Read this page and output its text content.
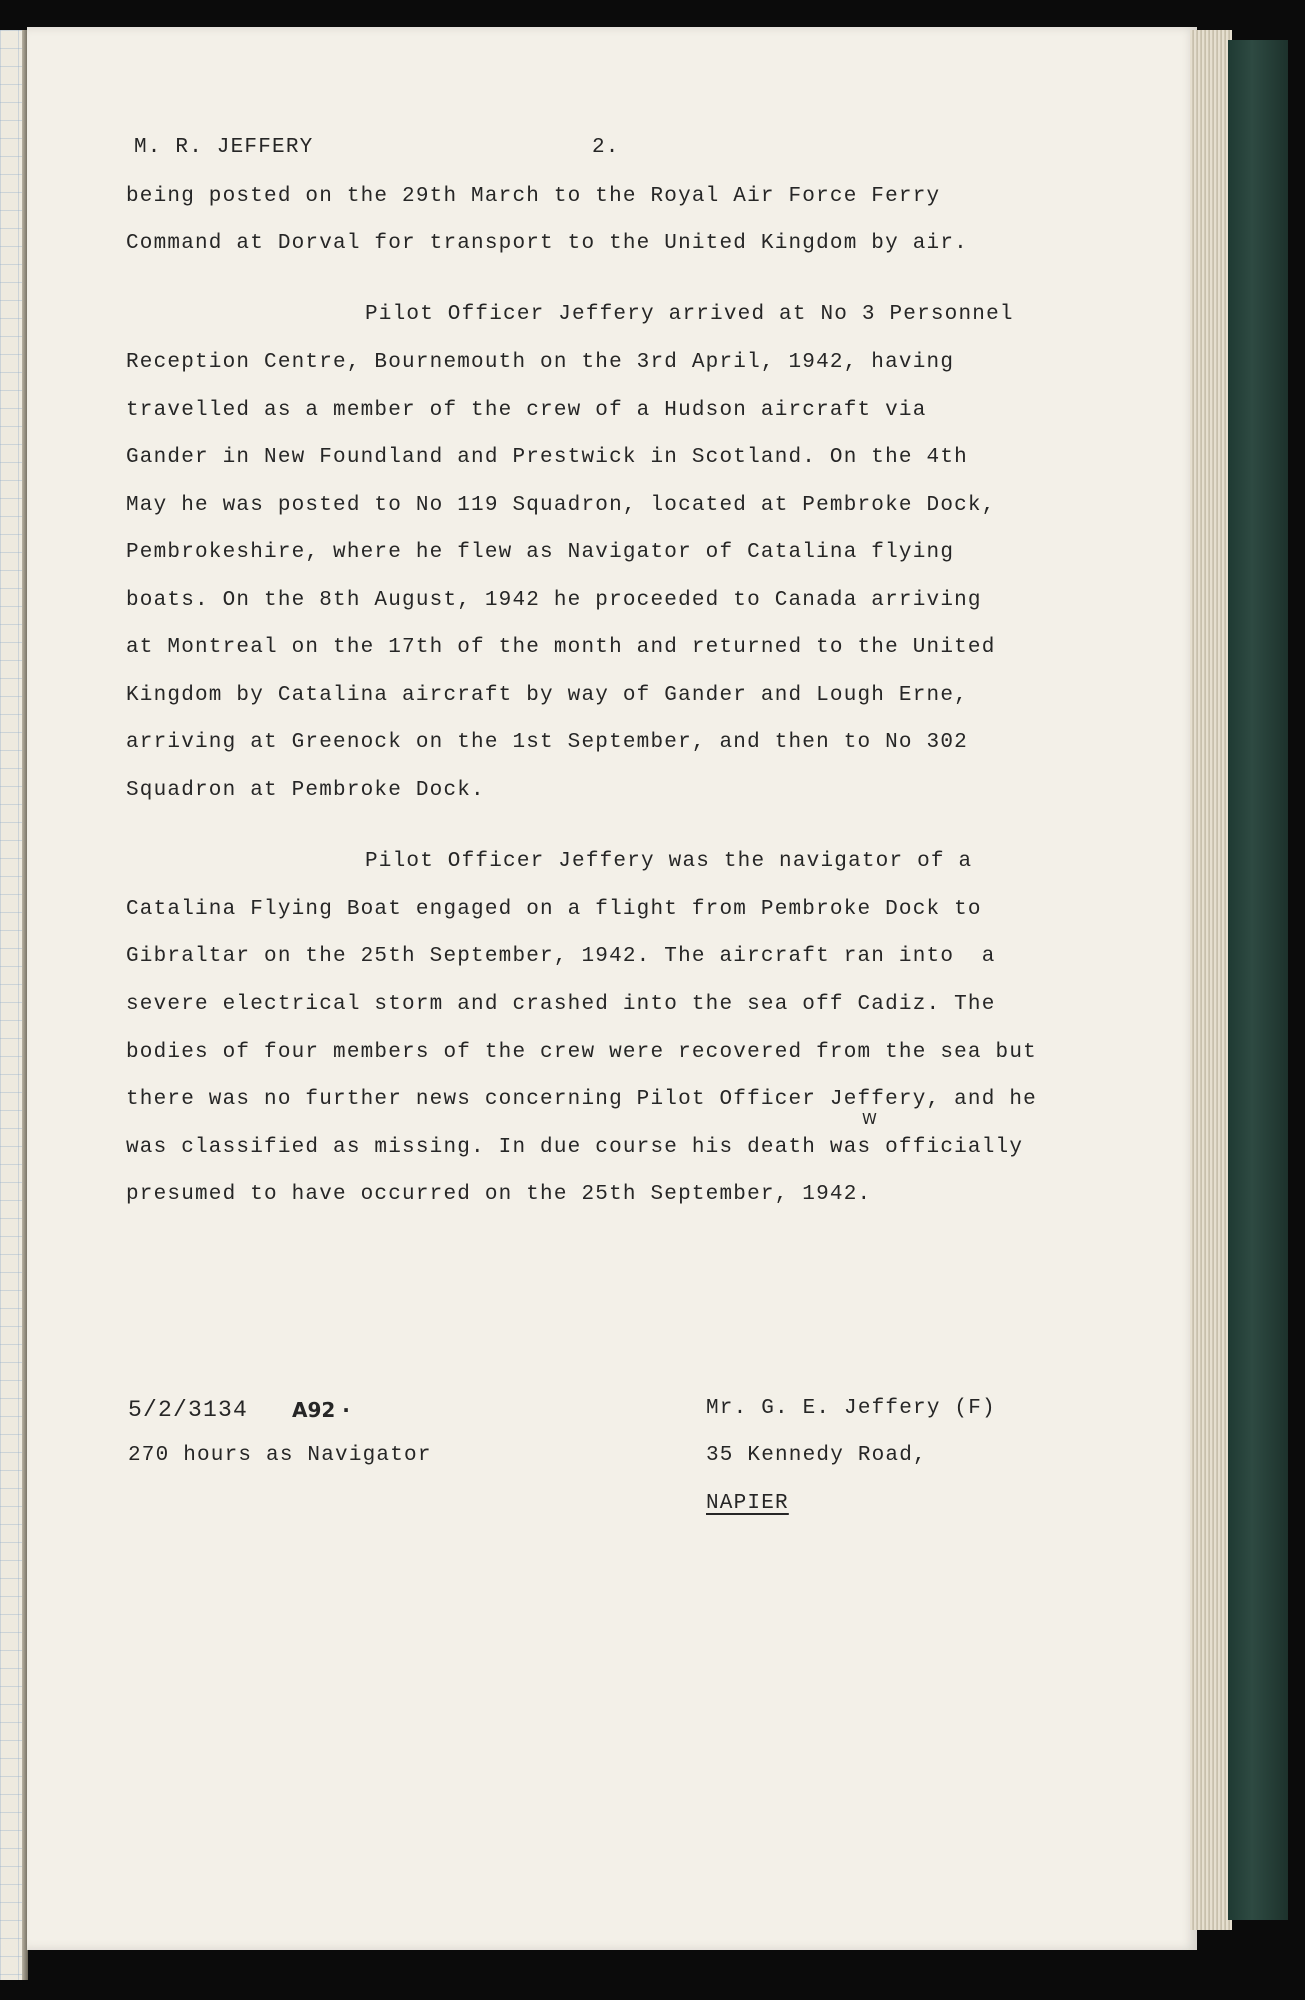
M. R. JEFFERY	2.
being posted on the 29th March to the Royal Air Force Ferry
Command at Dorval for transport to the United Kingdom by air.
Pilot Officer Jeffery arrived at No 3 Personnel
Reception Centre, Bournemouth on the 3rd April, 1942, having
travelled as a member of the crew of a Hudson aircraft via
Gander in New Foundland and Prestwick in Scotland. On the 4th
May he was posted to No 119 Squadron, located at Pembroke Dock,
Pembrokeshire, where he flew as Navigator of Catalina flying
boats. On the 8th August, 1942 he proceeded to Canada arriving
at Montreal on the 17th of the month and returned to the United
Kingdom by Catalina aircraft by way of Gander and Lough Erne,
arriving at Greenock on the 1st September, and then to No 302
Squadron at Pembroke Dock.
Pilot Officer Jeffery was the navigator of a
Catalina Flying Boat engaged on a flight from Pembroke Dock to
Gibraltar on the 25th September, 1942. The aircraft ran into  a
severe electrical storm and crashed into the sea off Cadiz. The
bodies of four members of the crew were recovered from the sea but
there was no further news concerning Pilot Officer Jeffery, and he
was classified as missing. In due course his death was officially
presumed to have occurred on the 25th September, 1942.
W
5/2/3134 A92 ·
270 hours as Navigator
Mr. G. E. Jeffery (F)
35 Kennedy Road,
NAPIER
